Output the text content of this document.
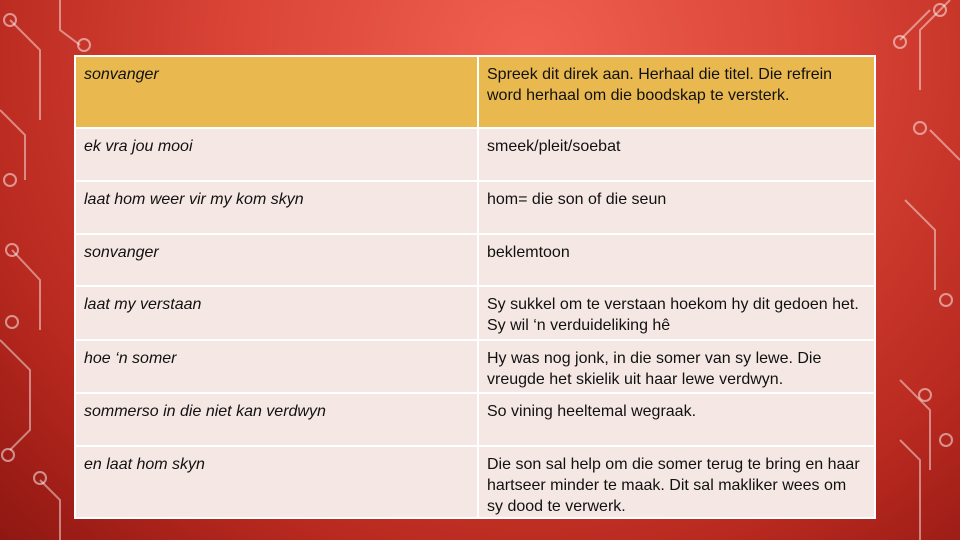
sonvanger	Spreek dit direk aan. Herhaal die titel. Die refrein word herhaal om die boodskap te versterk.
ek vra jou mooi	smeek/pleit/soebat
laat hom weer vir my kom skyn	hom= die son of die seun
sonvanger	beklemtoon
laat my verstaan	Sy sukkel om te verstaan hoekom hy dit gedoen het. Sy wil ‘n verduideliking hê
hoe ‘n somer	Hy was nog jonk, in die somer van sy lewe. Die vreugde het skielik uit haar lewe verdwyn.
sommerso in die niet kan verdwyn	So vining heeltemal wegraak.
en laat hom skyn	Die son sal help om die somer terug te bring en haar hartseer minder te maak. Dit sal makliker wees om sy dood te verwerk.
